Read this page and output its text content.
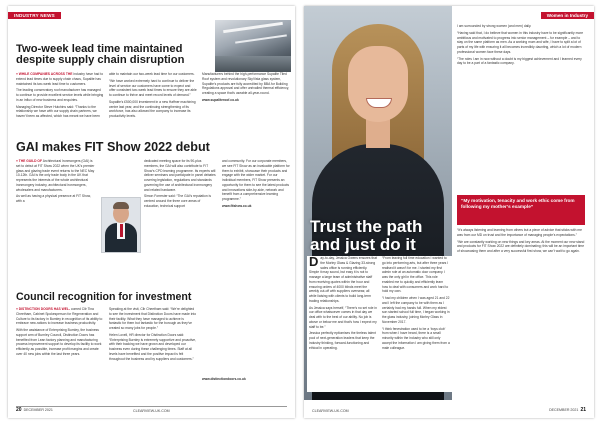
INDUSTRY NEWS
Two-week lead time maintained despite supply chain disruption

» WHILE COMPANIES ACROSS THE industry have had to extend lead times due to supply chain chaos, Supalite has maintained its two-week lead time to customers.

The leading conservatory roof manufacturer has managed to continue to provide excellent service levels while bringing in an influx of new business and enquiries.

Managing Director Steve Hutchins said: “Thanks to the relationship we have with our supply chain partners, we haven’t been as affected, which has meant we have been

able to maintain our two-week lead time for our customers.

“We have worked extremely hard to continue to deliver the level of service our customers have come to expect and offer consistent two-week lead times to ensure they are able to continue to thrive and meet record levels of demand.”

Supalite’s £500,000 investment in a new Haffner machining centre last year, and the continuing strengthening of its workforce, has also allowed the company to increase its productivity levels.

Manufacturers behind the high-performance Supalite Tiled Roof system and revolutionary SkyVista glass system, Supalite’s products are fully accredited by BBA for Building Regulations approval and offer unrivalled thermal efficiency, creating a space that’s useable all-year-round.

www.supaliteroof.co.uk

GAI makes FIT Show 2022 debut

» THE GUILD OF Architectural Ironmongers (GAI) is set to debut at FIT Show 2022 when the UK’s premier glass and glazing trade event returns to the NEC May 10-12th. GAI is the only trade body in the UK that represents the interests of the whole architectural ironmongery industry, architectural ironmongers, wholesalers and manufacturers.

As well as having a physical presence at FIT Show, with a

dedicated meeting space for its 90-plus members, the GAI will also contribute to FIT Show’s CPD learning programme. Its experts will deliver seminars and participate in panel debates covering legislation, regulations and standards governing the use of architectural ironmongery and related hardware.

Simon Forrester said: “The GAI’s reputation is centred around the three core areas of education, technical support

and community. For our corporate members, we see FIT Show as an invaluable platform for them to exhibit, showcase their products and engage with the wider market. For our individual members, FIT Show presents an opportunity for them to see the latest products and innovations side-by-side, network and benefit from a comprehensive learning programme.”

www.fitshow.co.uk

Council recognition for investment

» DISTINCTION DOORS HAS WEL- comed Cllr Tina Cheetham, Cabinet Spokesperson for Regeneration and Culture to its factory in Burnley in recognition of its ability to embrace new-rations to increase business productivity.

With the assistance of Enterprising Burnley, the business support arm of Burnley Council, Distinction Doors has benefited from Lean factory planning and manufacturing process improvement support to develop its facility to work efficiently as possible, increase profit margins and create over 40 new jobs within the last three years.

Speaking at the visit, Cllr Cheetham said: “We’re delighted to see the investment that Distinction Doors have made into their facility. What they have managed to achieve is fantastic for them but fantastic for the borough as they’ve created so many jobs for people.”

Helen Lovell, HR director for Distinction Doors said: “Enterprising Burnley is extremely supportive and proactive, with their backing we have grown and developed our business even during these challenging times. Staff at all levels have benefited and the positive impact is felt throughout the business and by suppliers and customers.”

www.distinctiondoors.co.uk

20 DECEMBER 2021	CLEARVIEW-UK.COM
Trust the path and just do it
Women in Industry

I am surrounded by strong women (and men) daily.

“Having said that, I do believe that women in this industry have to be significantly more ambitious and motivated to progress into senior management – for example – and to stay on the same platform as men. As a working mum and wife, I have to split a lot of parts of my life with ensuring it all becomes incredibly daunting, which a lot of modern professional women face these days.

“The roles I am in now without a doubt is my biggest achievement and I learned every day to be a part of a fantastic company.

“My motivation, tenacity and work ethic come from following my mother’s example”

“It’s always listening and learning from others but a piece of advice that sticks with me was from our MD on trust and the importance of managing people’s expectations.”

“We are constantly working on new things and key areas. At the moment our new stand and products for FIT Show 2022 are definitely dominating; this will be an important time of showcasing them and after a very successful first show, we can’t wait to go again.

CLEARVIEW-UK.COM	DECEMBER 2021 21

Day-to-day, Jessica Owens ensures that the Morley Glass & Glazing 33-strong sales office is running efficiently. Simple it may sound, but easy it is not to manage a large team of administrative staff from receiving quotes within the hour and ensuring orders of 4000 blinds meet the weekly cut-off with suppliers overseas; all while liaising with clients to build long-term trading relationships.

As Jessica says herself, “There’s no set role in our office whatsoever comes in that day we deal with to the best of our ability. No job is above or below me and that’s how I expect my staff to be.”

Jessica perfectly epitomises the tireless talent pool of next-generation leaders that keep the industry thinking, forward-functioning and ethical in operating.

“From leaving full time education I wanted to go into performing arts, but after three years I realised it wasn’t for me. I started my first admin role at an automatic door company. I was the only girl in the office. This role enabled me to quickly and efficiently learn how to deal with consumers and work hard to hold my own.

“I had my children when I was aged 21 and 22 and I left the company to be with them as I certainly had my hands full. When my eldest son started school full time, I began working in the glass industry, joining Morley Glass in November 2017.

“I think fenestration used to be a ‘boys club’ from when I have heard, there is a small minority within the industry who still only accept the information I am giving them from a male colleague.
